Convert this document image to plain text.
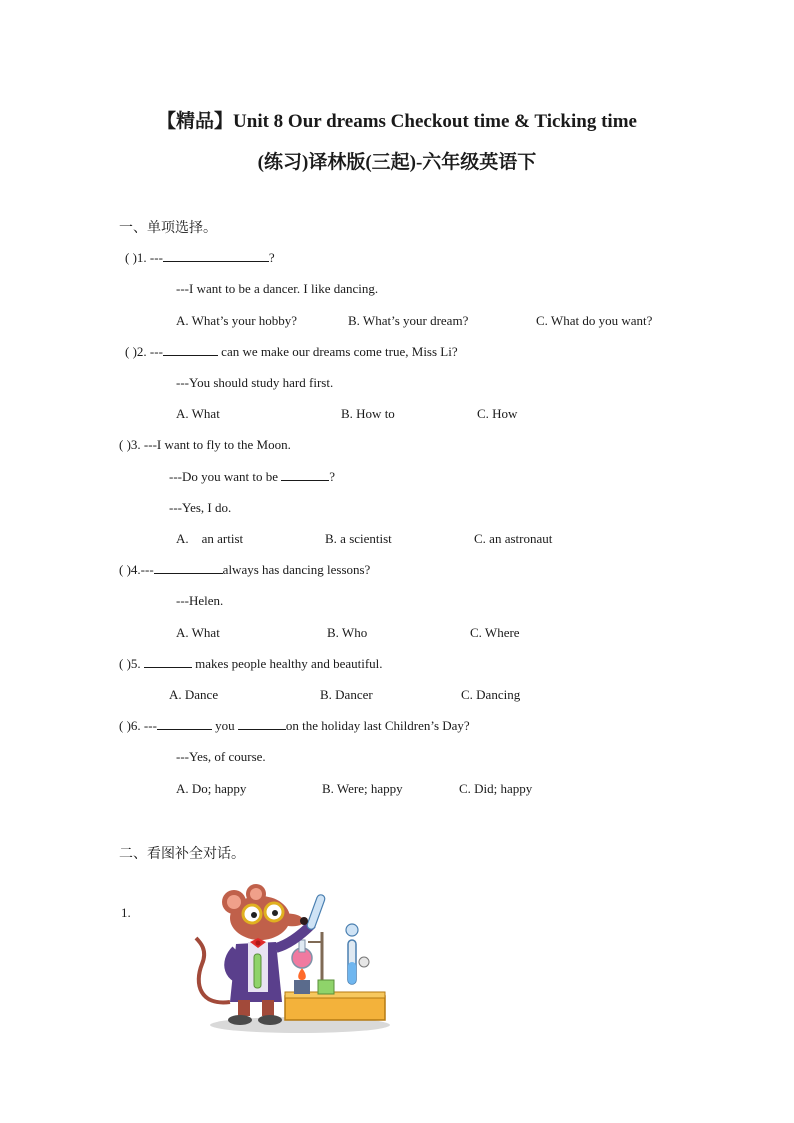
【精品】Unit 8 Our dreams Checkout time & Ticking time
(练习)译林版(三起)-六年级英语下
一、单项选择。
( )1. ---	?
---I want to be a dancer. I like dancing.
A. What’s your hobby?	B. What’s your dream?	C. What do you want?
( )2. ---	can we make our dreams come true, Miss Li?
---You should study hard first.
A. What	B. How to	C. How
( )3. ---I want to fly to the Moon.
---Do you want to be	?
---Yes, I do.
A.    an artist	B. a scientist	C. an astronaut
( )4.---	always has dancing lessons?
---Helen.
A. What	B. Who	C. Where
( )5.	makes people healthy and beautiful.
A. Dance	B. Dancer	C. Dancing
( )6. ---	you	on the holiday last Children’s Day?
---Yes, of course.
A. Do; happy	B. Were; happy	C. Did; happy
二、看图补全对话。
1.
